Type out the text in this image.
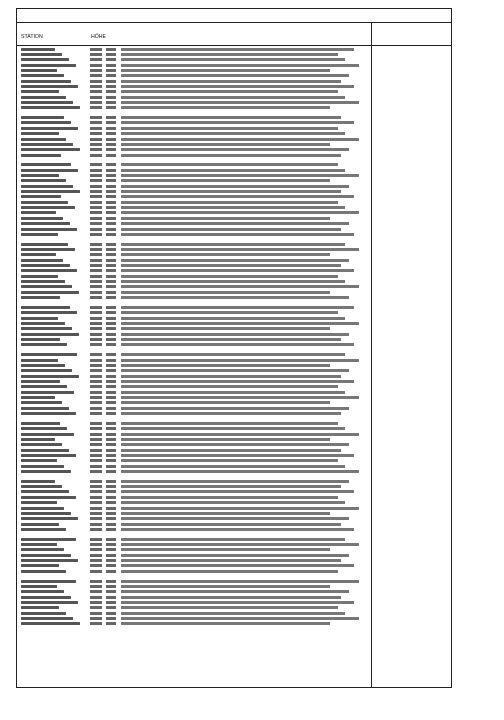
STATION	HÖHE
